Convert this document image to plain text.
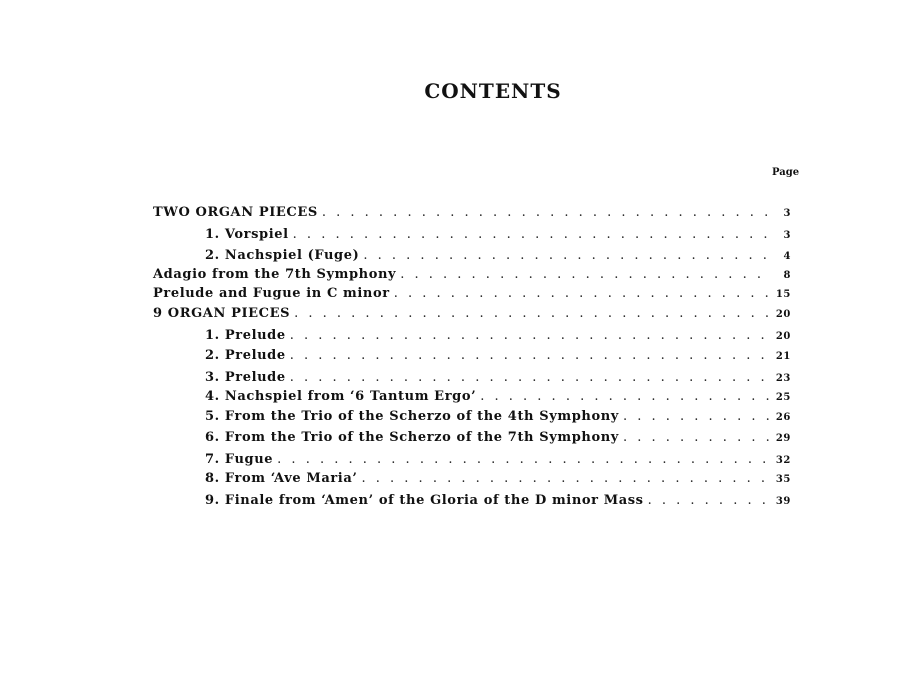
CONTENTS
Page
TWO ORGAN PIECES . . .	3
1. Vorspiel . . .	3
2. Nachspiel (Fuge) . . .	4
Adagio from the 7th Symphony . . .	8
Prelude and Fugue in C minor . . .	15
9 ORGAN PIECES . . .	20
1. Prelude . . .	20
2. Prelude . . .	21
3. Prelude . . .	23
4. Nachspiel from ‘6 Tantum Ergo’ . . .	25
5. From the Trio of the Scherzo of the 4th Symphony . . .	26
6. From the Trio of the Scherzo of the 7th Symphony . . .	29
7. Fugue . . .	32
8. From ‘Ave Maria’ . . .	35
9. Finale from ‘Amen’ of the Gloria of the D minor Mass . . .	39
